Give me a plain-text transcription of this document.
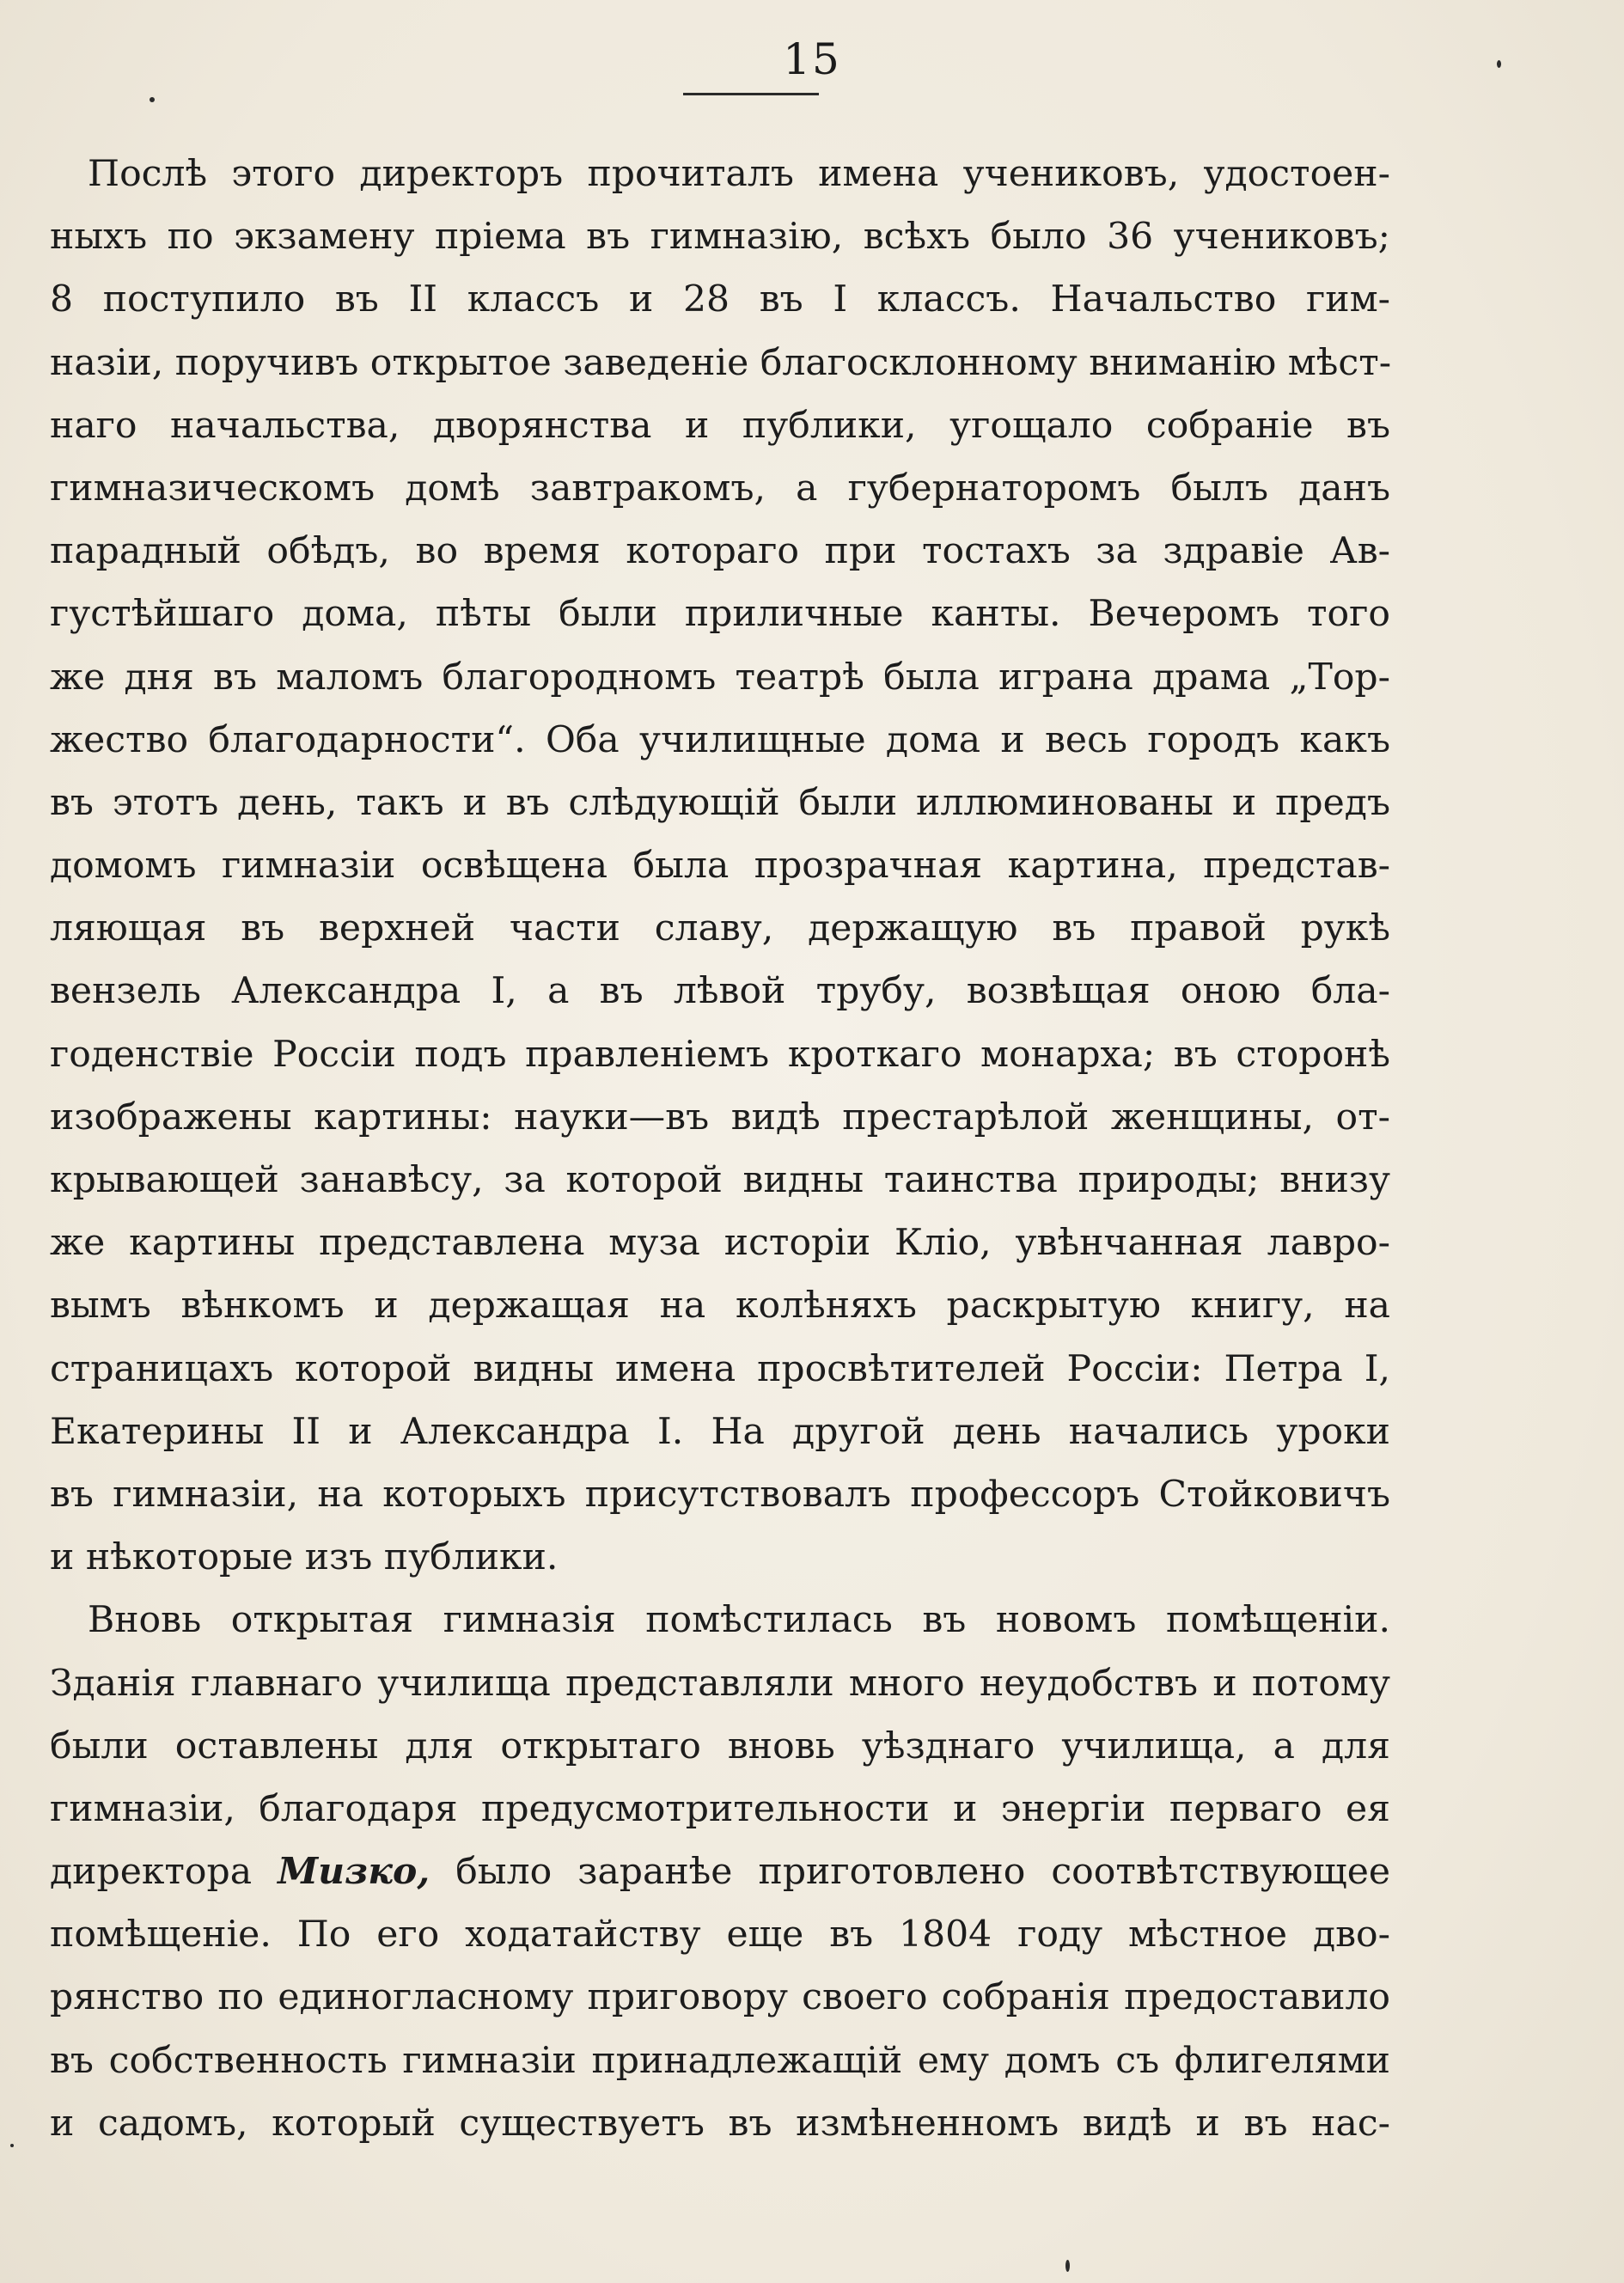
15
Послѣ этого директоръ прочиталъ имена учениковъ, удостоен-
ныхъ по экзамену пріема въ гимназію, всѣхъ было 36 учениковъ;
8 поступило въ II классъ и 28 въ I классъ. Начальство гим-
назіи, поручивъ открытое заведеніе благосклонному вниманію мѣст-
наго начальства, дворянства и публики, угощало собраніе въ
гимназическомъ домѣ завтракомъ, а губернаторомъ былъ данъ
парадный обѣдъ, во время котораго при тостахъ за здравіе Ав-
густѣйшаго дома, пѣты были приличные канты. Вечеромъ того
же дня въ маломъ благородномъ театрѣ была играна драма „Тор-
жество благодарности“. Оба училищные дома и весь городъ какъ
въ этотъ день, такъ и въ слѣдующій были иллюминованы и предъ
домомъ гимназіи освѣщена была прозрачная картина, представ-
ляющая въ верхней части славу, держащую въ правой рукѣ
вензель Александра I, а въ лѣвой трубу, возвѣщая оною бла-
годенствіе Россіи подъ правленіемъ кроткаго монарха; въ сторонѣ
изображены картины: науки—въ видѣ престарѣлой женщины, от-
крывающей занавѣсу, за которой видны таинства природы; внизу
же картины представлена муза исторіи Кліо, увѣнчанная лавро-
вымъ вѣнкомъ и держащая на колѣняхъ раскрытую книгу, на
страницахъ которой видны имена просвѣтителей Россіи: Петра I,
Екатерины II и Александра I. На другой день начались уроки
въ гимназіи, на которыхъ присутствовалъ профессоръ Стойковичъ
и нѣкоторые изъ публики.
Вновь открытая гимназія помѣстилась въ новомъ помѣщеніи.
Зданія главнаго училища представляли много неудобствъ и потому
были оставлены для открытаго вновь уѣзднаго училища, а для
гимназіи, благодаря предусмотрительности и энергіи перваго ея
директора Мизко, было заранѣе приготовлено соотвѣтствующее
помѣщеніе. По его ходатайству еще въ 1804 году мѣстное дво-
рянство по единогласному приговору своего собранія предоставило
въ собственность гимназіи принадлежащій ему домъ съ флигелями
и садомъ, который существуетъ въ измѣненномъ видѣ и въ нас-
